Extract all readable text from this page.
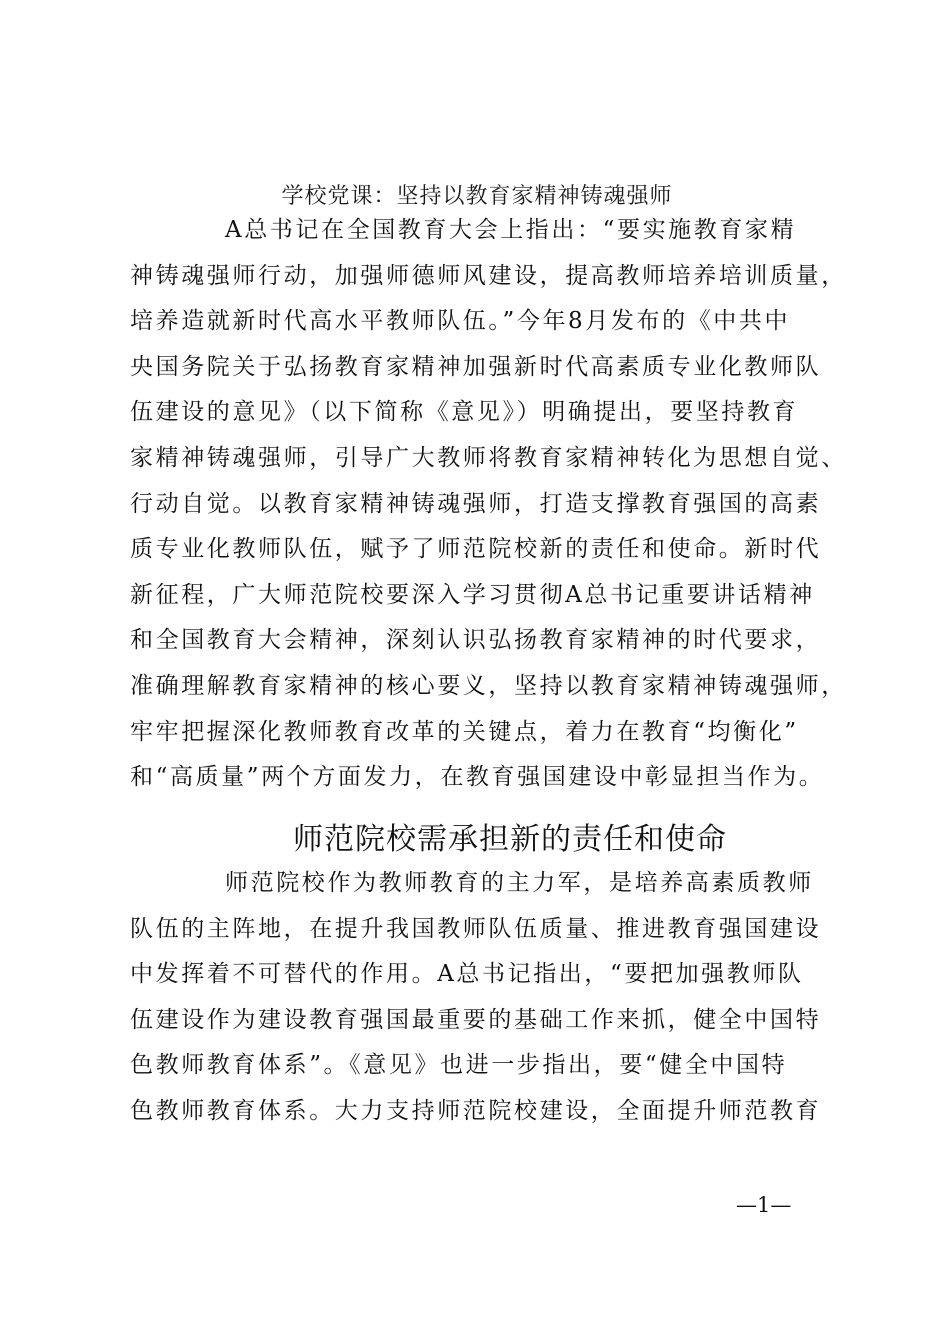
学校党课：坚持以教育家精神铸魂强师
A总书记在全国教育大会上指出：“要实施教育家精
神铸魂强师行动，加强师德师风建设，提高教师培养培训质量，
培养造就新时代高水平教师队伍。”今年8月发布的《中共中
央国务院关于弘扬教育家精神加强新时代高素质专业化教师队
伍建设的意见》（以下简称《意见》）明确提出，要坚持教育
家精神铸魂强师，引导广大教师将教育家精神转化为思想自觉、
行动自觉。以教育家精神铸魂强师，打造支撑教育强国的高素
质专业化教师队伍，赋予了师范院校新的责任和使命。新时代
新征程，广大师范院校要深入学习贯彻A总书记重要讲话精神
和全国教育大会精神，深刻认识弘扬教育家精神的时代要求，
准确理解教育家精神的核心要义，坚持以教育家精神铸魂强师，
牢牢把握深化教师教育改革的关键点，着力在教育“均衡化”
和“高质量”两个方面发力，在教育强国建设中彰显担当作为。
师范院校需承担新的责任和使命
师范院校作为教师教育的主力军，是培养高素质教师
队伍的主阵地，在提升我国教师队伍质量、推进教育强国建设
中发挥着不可替代的作用。A总书记指出，“要把加强教师队
伍建设作为建设教育强国最重要的基础工作来抓，健全中国特
色教师教育体系”。《意见》也进一步指出，要“健全中国特
色教师教育体系。大力支持师范院校建设，全面提升师范教育
—1—
